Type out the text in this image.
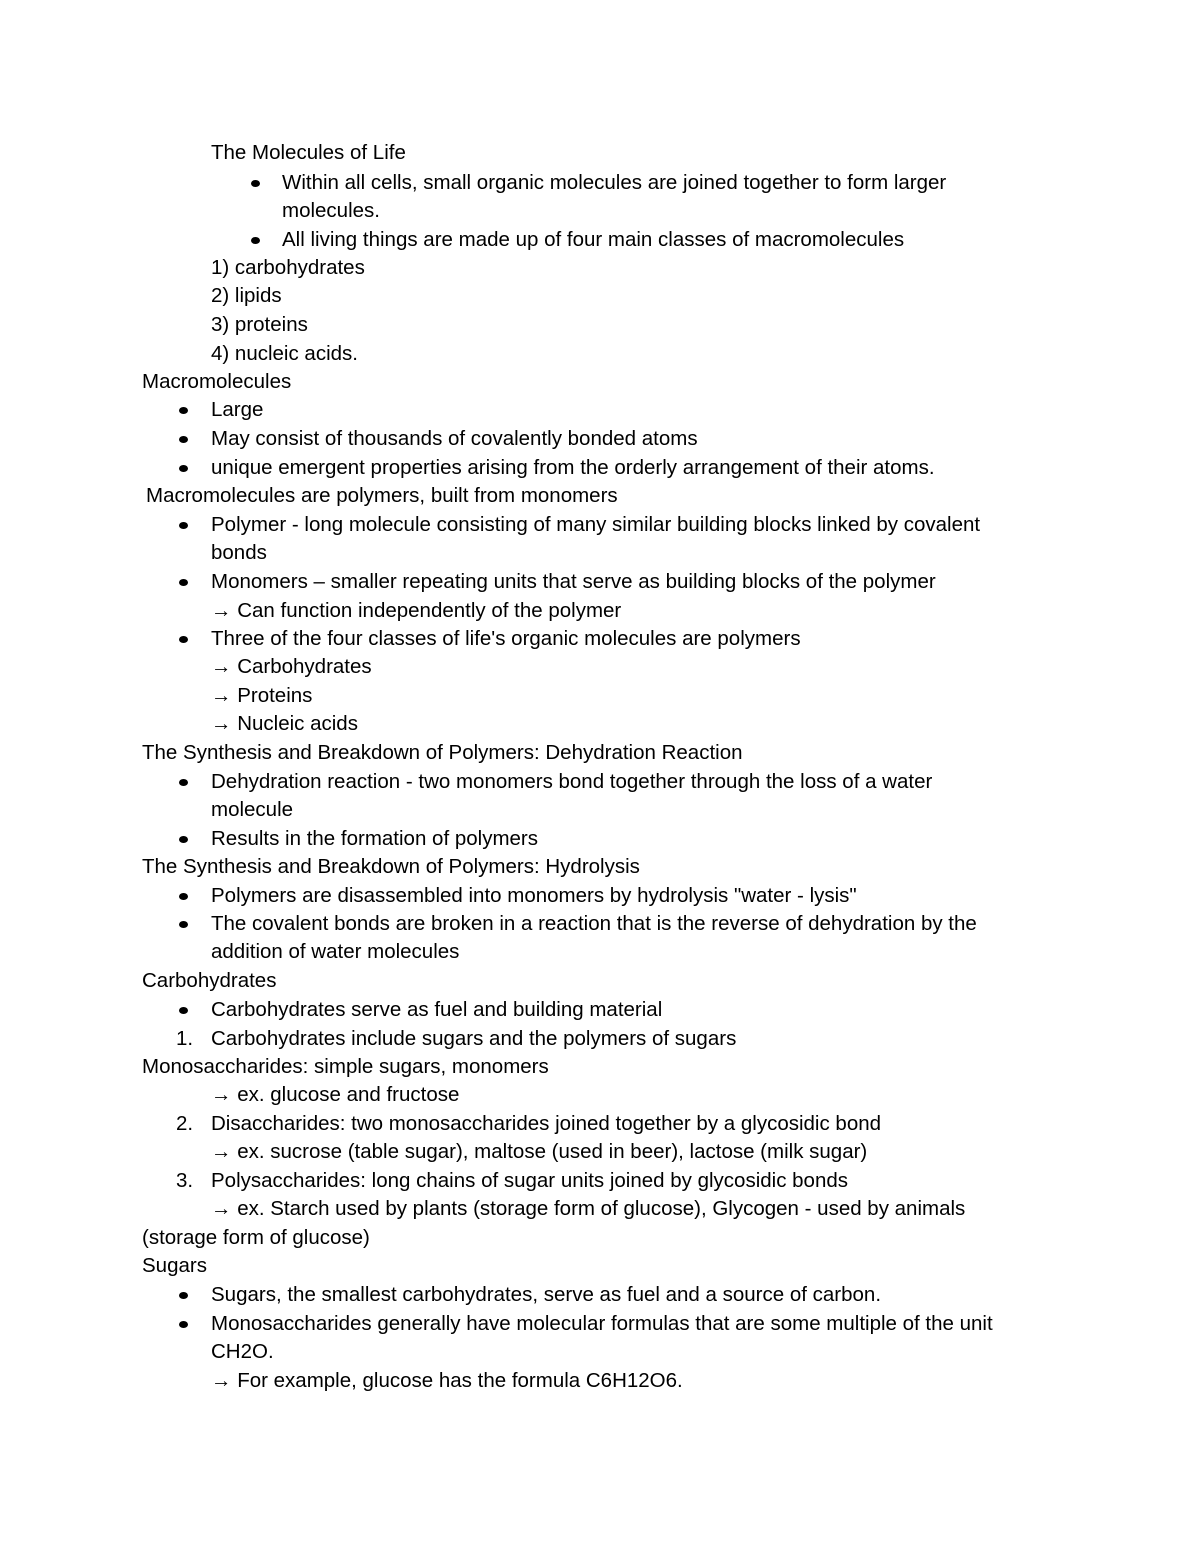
The Molecules of Life
Within all cells, small organic molecules are joined together to form larger
molecules.
All living things are made up of four main classes of macromolecules
1) carbohydrates
2) lipids
3) proteins
4) nucleic acids.
Macromolecules
Large
May consist of thousands of covalently bonded atoms
unique emergent properties arising from the orderly arrangement of their atoms.
Macromolecules are polymers, built from monomers
Polymer - long molecule consisting of many similar building blocks linked by covalent
bonds
Monomers – smaller repeating units that serve as building blocks of the polymer
→ Can function independently of the polymer
Three of the four classes of life's organic molecules are polymers
→ Carbohydrates
→ Proteins
→ Nucleic acids
The Synthesis and Breakdown of Polymers: Dehydration Reaction
Dehydration reaction - two monomers bond together through the loss of a water
molecule
Results in the formation of polymers
The Synthesis and Breakdown of Polymers: Hydrolysis
Polymers are disassembled into monomers by hydrolysis "water - lysis"
The covalent bonds are broken in a reaction that is the reverse of dehydration by the
addition of water molecules
Carbohydrates
Carbohydrates serve as fuel and building material
1. Carbohydrates include sugars and the polymers of sugars
Monosaccharides: simple sugars, monomers
→ ex. glucose and fructose
2. Disaccharides: two monosaccharides joined together by a glycosidic bond
→ ex. sucrose (table sugar), maltose (used in beer), lactose (milk sugar)
3. Polysaccharides: long chains of sugar units joined by glycosidic bonds
→ ex. Starch used by plants (storage form of glucose), Glycogen - used by animals
(storage form of glucose)
Sugars
Sugars, the smallest carbohydrates, serve as fuel and a source of carbon.
Monosaccharides generally have molecular formulas that are some multiple of the unit
CH2O.
→ For example, glucose has the formula C6H12O6.
